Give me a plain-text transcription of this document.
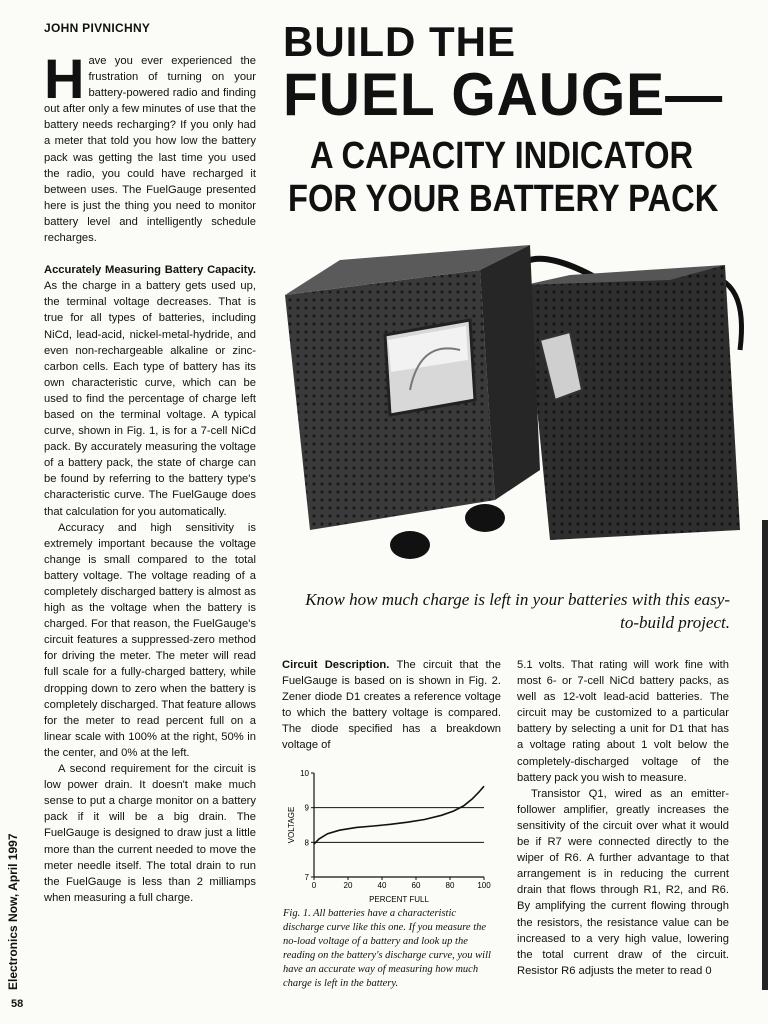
JOHN PIVNICHNY	BUILD THE
FUEL GAUGE—
A CAPACITY INDICATOR
FOR YOUR BATTERY PACK

Have you ever experienced the frustration of turning on your battery-powered radio and finding out after only a few minutes of use that the battery needs recharging? If you only had a meter that told you how low the battery pack was getting the last time you used the radio, you could have recharged it between uses. The FuelGauge presented here is just the thing you need to monitor battery level and intelligently schedule recharges.

Accurately Measuring Battery Capacity. As the charge in a battery gets used up, the terminal voltage decreases. That is true for all types of batteries, including NiCd, lead-acid, nickel-metal-hydride, and even non-rechargeable alkaline or zinc-carbon cells. Each type of battery has its own characteristic curve, which can be used to find the percentage of charge left based on the terminal voltage. A typical curve, shown in Fig. 1, is for a 7-cell NiCd pack. By accurately measuring the voltage of a battery pack, the state of charge can be found by referring to the battery type's characteristic curve. The FuelGauge does that calculation for you automatically.

Accuracy and high sensitivity is extremely important because the voltage change is small compared to the total battery voltage. The voltage reading of a completely discharged battery is almost as high as the voltage when the battery is charged. For that reason, the FuelGauge's circuit features a suppressed-zero method for driving the meter. The meter will read full scale for a fully-charged battery, while dropping down to zero when the battery is completely discharged. That feature allows for the meter to read percent full on a linear scale with 100% at the right, 50% in the center, and 0% at the left.

A second requirement for the circuit is low power drain. It doesn't make much sense to put a charge monitor on a battery pack if it will be a big drain. The FuelGauge is designed to draw just a little more than the current needed to move the meter needle itself. The total drain to run the FuelGauge is less than 2 milliamps when measuring a full charge.

Know how much charge is left in your batteries with this easy-to-build project.

Circuit Description. The circuit that the FuelGauge is based on is shown in Fig. 2. Zener diode D1 creates a reference voltage to which the battery voltage is compared. The diode specified has a breakdown voltage of

VOLTAGE
PERCENT FULL
7
8
9
10
0	20	40	60	80	100
Fig. 1. All batteries have a characteristic discharge curve like this one. If you measure the no-load voltage of a battery and look up the reading on the battery's discharge curve, you will have an accurate way of measuring how much charge is left in the battery.

5.1 volts. That rating will work fine with most 6- or 7-cell NiCd battery packs, as well as 12-volt lead-acid batteries. The circuit may be customized to a particular battery by selecting a unit for D1 that has a voltage rating about 1 volt below the completely-discharged voltage of the battery pack you wish to measure.

Transistor Q1, wired as an emitter-follower amplifier, greatly increases the sensitivity of the circuit over what it would be if R7 were connected directly to the wiper of R6. A further advantage to that arrangement is in reducing the current drain that flows through R1, R2, and R6. By amplifying the current flowing through the resistors, the resistance value can be increased to a very high value, lowering the total current draw of the circuit. Resistor R6 adjusts the meter to read 0

Electronics Now, April 1997
58
